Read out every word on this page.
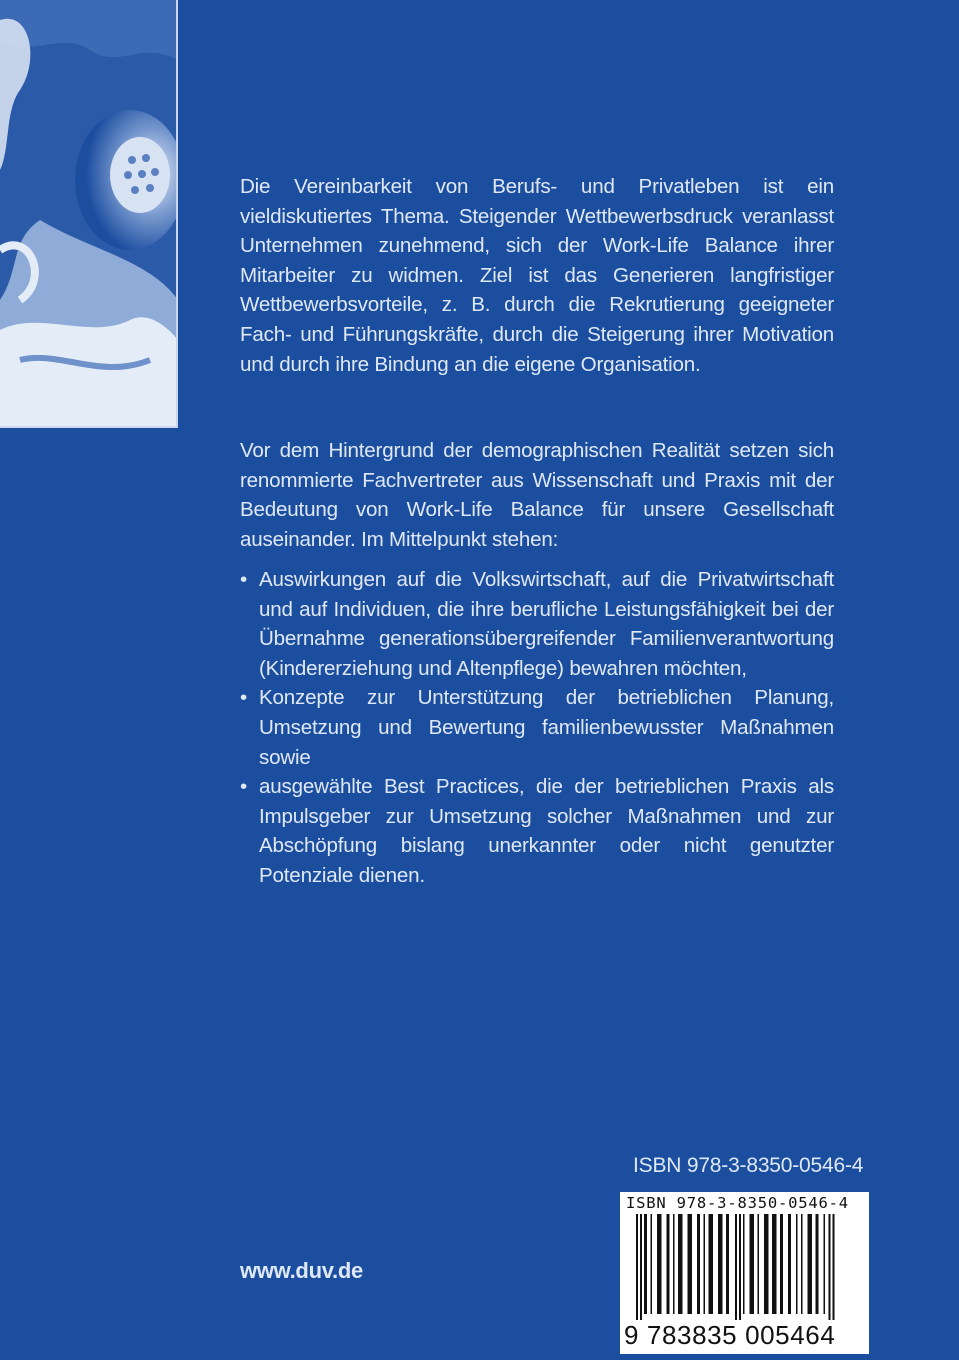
Die Vereinbarkeit von Berufs- und Privatleben ist ein vieldiskutiertes Thema. Steigender Wettbewerbsdruck veranlasst Unternehmen zunehmend, sich der Work-Life Balance ihrer Mitarbeiter zu widmen. Ziel ist das Generieren langfristiger Wettbewerbsvorteile, z. B. durch die Rekrutierung geeigneter Fach- und Führungskräfte, durch die Steigerung ihrer Motivation und durch ihre Bindung an die eigene Organisation.

Vor dem Hintergrund der demographischen Realität setzen sich renommierte Fachvertreter aus Wissenschaft und Praxis mit der Bedeutung von Work-Life Balance für unsere Gesellschaft auseinander. Im Mittelpunkt stehen:

• Auswirkungen auf die Volkswirtschaft, auf die Privatwirtschaft und auf Individuen, die ihre berufliche Leistungsfähigkeit bei der Übernahme generationsübergreifender Familienverantwortung (Kindererziehung und Altenpflege) bewahren möchten,
• Konzepte zur Unterstützung der betrieblichen Planung, Umsetzung und Bewertung familienbewusster Maßnahmen sowie
• ausgewählte Best Practices, die der betrieblichen Praxis als Impulsgeber zur Umsetzung solcher Maßnahmen und zur Abschöpfung bislang unerkannter oder nicht genutzter Potenziale dienen.
ISBN 978-3-8350-0546-4
www.duv.de
ISBN 978-3-8350-0546-4
9 783835 005464
